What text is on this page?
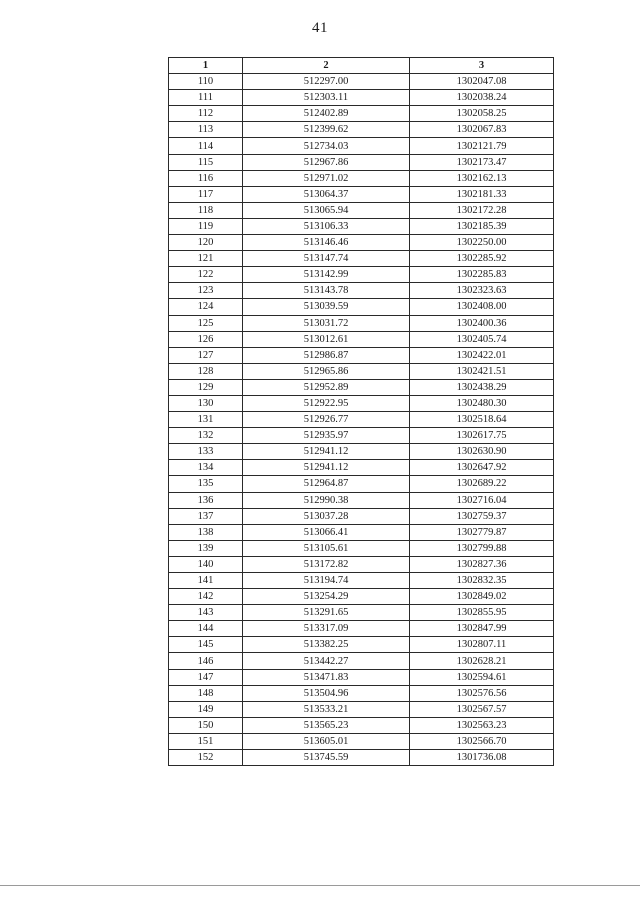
41
1	2	3
110	512297.00	1302047.08
111	512303.11	1302038.24
112	512402.89	1302058.25
113	512399.62	1302067.83
114	512734.03	1302121.79
115	512967.86	1302173.47
116	512971.02	1302162.13
117	513064.37	1302181.33
118	513065.94	1302172.28
119	513106.33	1302185.39
120	513146.46	1302250.00
121	513147.74	1302285.92
122	513142.99	1302285.83
123	513143.78	1302323.63
124	513039.59	1302408.00
125	513031.72	1302400.36
126	513012.61	1302405.74
127	512986.87	1302422.01
128	512965.86	1302421.51
129	512952.89	1302438.29
130	512922.95	1302480.30
131	512926.77	1302518.64
132	512935.97	1302617.75
133	512941.12	1302630.90
134	512941.12	1302647.92
135	512964.87	1302689.22
136	512990.38	1302716.04
137	513037.28	1302759.37
138	513066.41	1302779.87
139	513105.61	1302799.88
140	513172.82	1302827.36
141	513194.74	1302832.35
142	513254.29	1302849.02
143	513291.65	1302855.95
144	513317.09	1302847.99
145	513382.25	1302807.11
146	513442.27	1302628.21
147	513471.83	1302594.61
148	513504.96	1302576.56
149	513533.21	1302567.57
150	513565.23	1302563.23
151	513605.01	1302566.70
152	513745.59	1301736.08
